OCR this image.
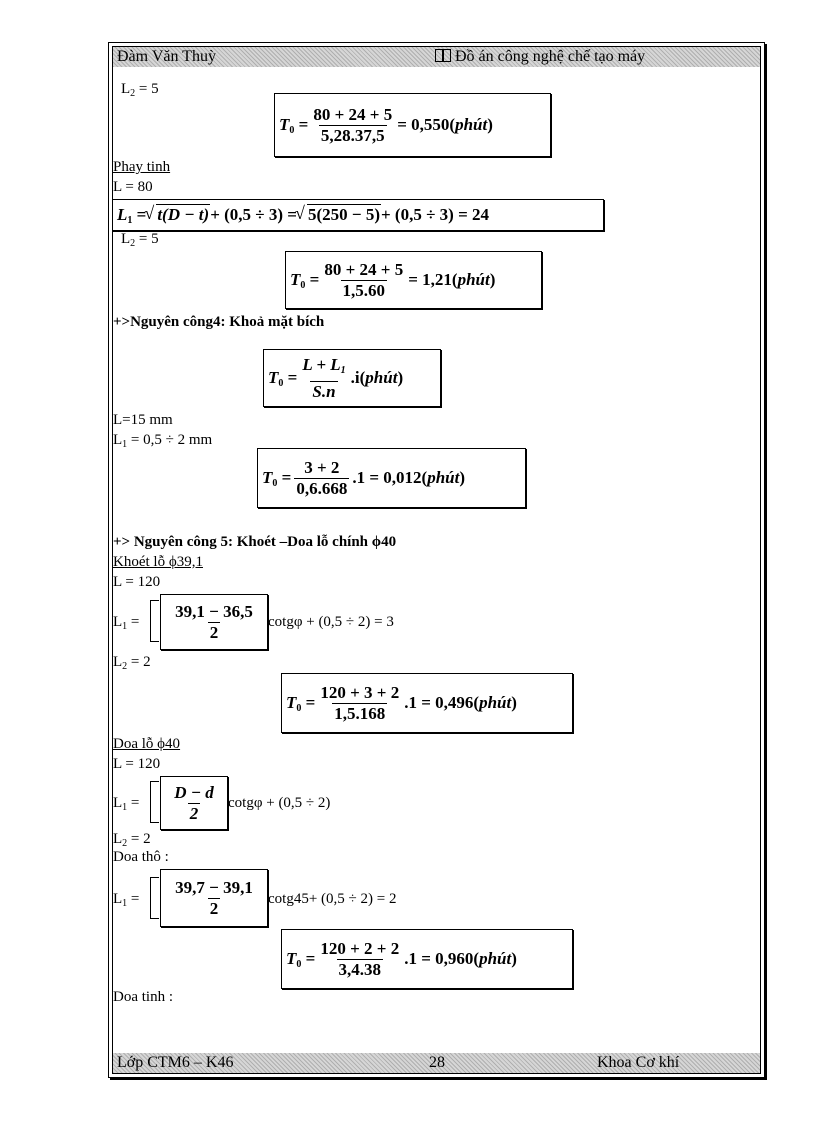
Đàm Văn Thuỳ	Đồ án công nghệ chế tạo máy
$L_2 = 5$
$T_0 = \frac{80 + 24 + 5}{5,28.37,5}$ = 0,550(phút)
Phay tinh
L = 80
$L_1$ = √ t(D − t) + (0,5 ÷ 3) = √ 5(250 − 5) + (0,5 ÷ 3) = 24
$L_2 = 5$
$T_0 = \frac{80 + 24 + 5}{1,5.60}$ = 1,21(phút)
+>Nguyên công4: Khoả mặt bích
$T_0 = \frac{L + L_1}{S.n}$ .i(phút)
L=15 mm
$L_1 = 0,5 \div 2$ mm
$T_0 = \frac{3 + 2}{0,6.668} .1$ = 0,012(phút)
+> Nguyên công 5: Khoét –Doa lỗ chính ϕ40
Khoét lỗ ϕ39,1
L = 120
$L_1 = \frac{39,1 - 36,5}{2}$ cotgφ + (0,5 ÷ 2) = 3
$L_2 = 2$
$T_0 = \frac{120 + 3 + 2}{1,5.168} .1$ = 0,496(phút)
Doa lỗ ϕ40
L = 120
$L_1 = \frac{D - d}{2}$ cotgφ + (0,5 ÷ 2)
$L_2 = 2$
Doa thô :
$L_1 = \frac{39,7 - 39,1}{2} \cot g45+ (0,5 \div 2) = 2$
$T_0 = \frac{120 + 2 + 2}{3,4.38} .1$ = 0,960(phút)
Doa tinh :
Lớp CTM6 – K46	28	Khoa Cơ khí
